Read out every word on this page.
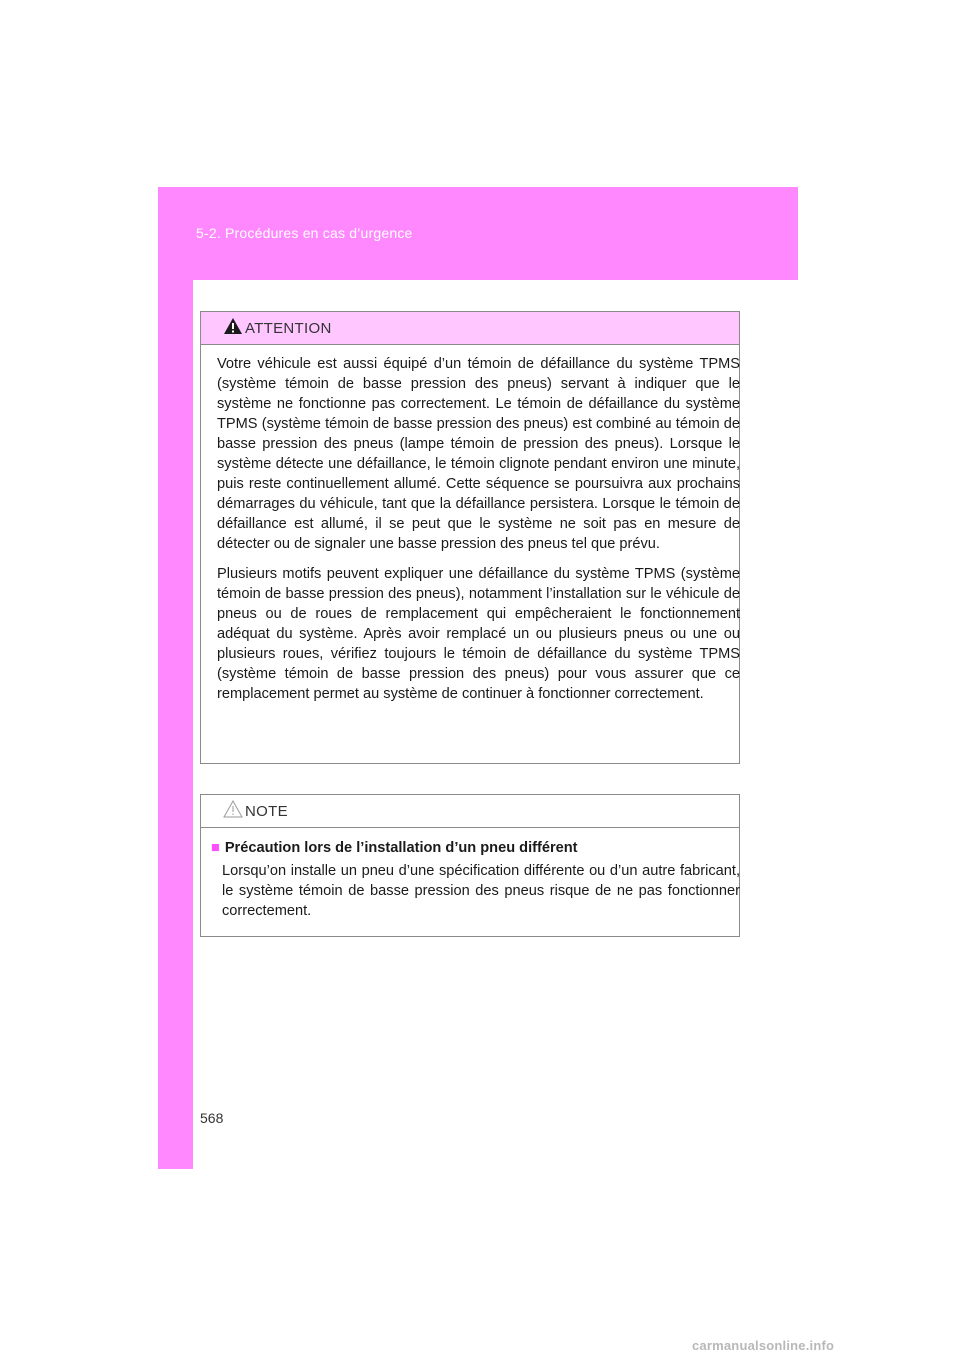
5-2. Procédures en cas d’urgence
ATTENTION

Votre véhicule est aussi équipé d’un témoin de défaillance du système TPMS (système témoin de basse pression des pneus) servant à indiquer que le système ne fonctionne pas correctement. Le témoin de défaillance du système TPMS (système témoin de basse pression des pneus) est combiné au témoin de basse pression des pneus (lampe témoin de pression des pneus). Lorsque le système détecte une défaillance, le témoin clignote pendant environ une minute, puis reste continuellement allumé. Cette séquence se poursuivra aux prochains démarrages du véhicule, tant que la défaillance persistera. Lorsque le témoin de défaillance est allumé, il se peut que le système ne soit pas en mesure de détecter ou de signaler une basse pression des pneus tel que prévu.

Plusieurs motifs peuvent expliquer une défaillance du système TPMS (système témoin de basse pression des pneus), notamment l’installation sur le véhicule de pneus ou de roues de remplacement qui empêcheraient le fonctionnement adéquat du système. Après avoir remplacé un ou plusieurs pneus ou une ou plusieurs roues, vérifiez toujours le témoin de défaillance du système TPMS (système témoin de basse pression des pneus) pour vous assurer que ce remplacement permet au système de continuer à fonctionner correctement.

NOTE

■ Précaution lors de l’installation d’un pneu différent

Lorsqu’on installe un pneu d’une spécification différente ou d’un autre fabricant, le système témoin de basse pression des pneus risque de ne pas fonctionner correctement.

568
carmanualsonline.info
